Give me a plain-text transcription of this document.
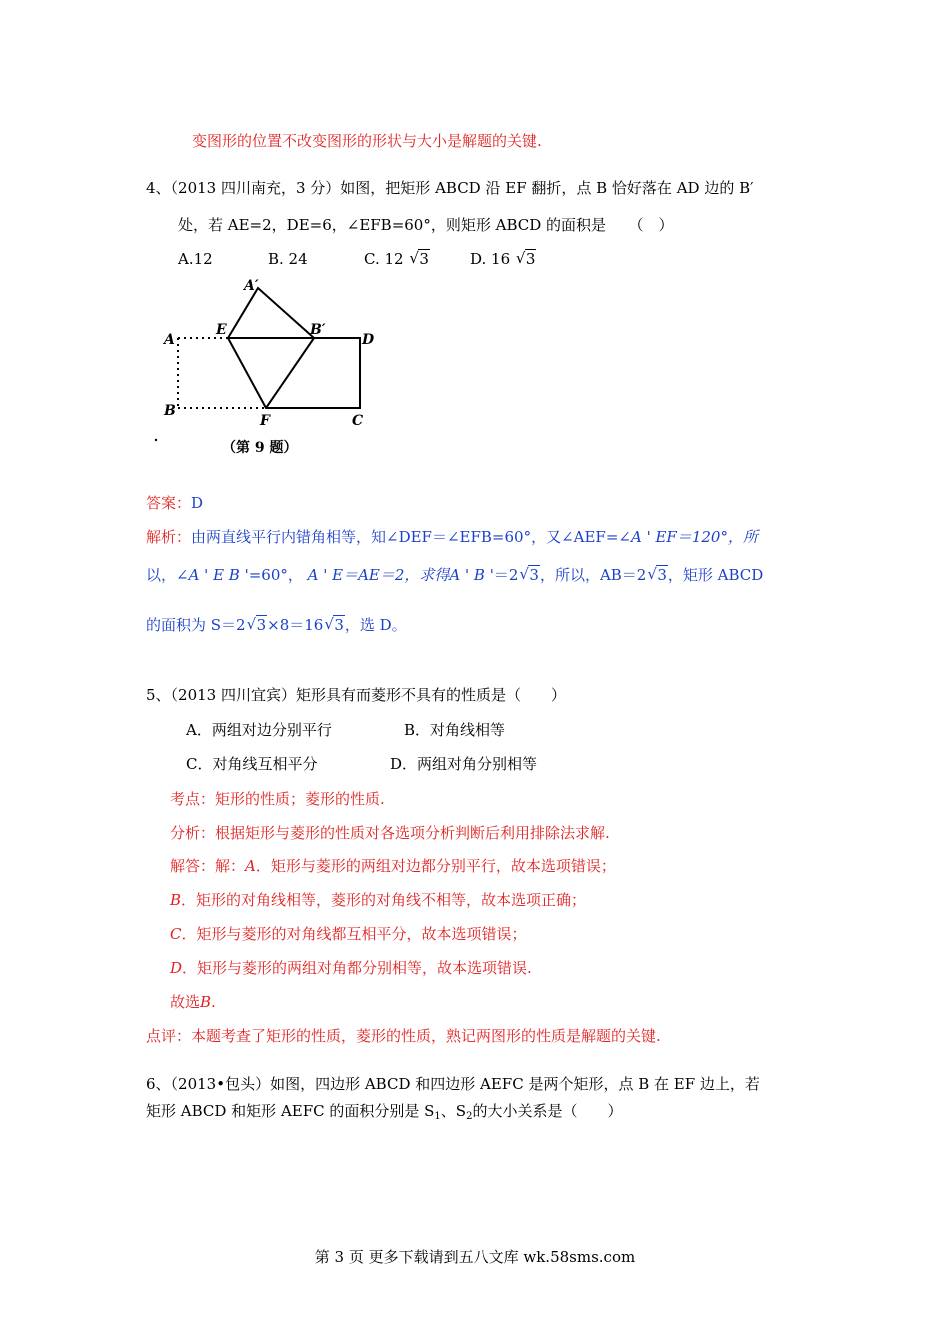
变图形的位置不改变图形的形状与大小是解题的关键.
4、（2013 四川南充，3 分）如图，把矩形 ABCD 沿 EF 翻折，点 B 恰好落在 AD 边的 B′
处，若 AE=2，DE=6，∠EFB=60°，则矩形 ABCD 的面积是　　（　）
A.12	B. 24	C. 12 √ 3	D. 16 √ 3
A′
A
E	B′
D
B
F	C
（第 9 题）
答案：D
解析：由两直线平行内错角相等，知∠DEF＝∠EFB=60°，又∠AEF=∠A ' EF＝120°，所
以，∠A ' E B '=60°， A ' E＝AE＝2，求得A ' B '＝2 √ 3，所以，AB＝2 √ 3，矩形 ABCD
的面积为 S＝2 √ 3×8＝16 √ 3，选 D。
5、（2013 四川宜宾）矩形具有而菱形不具有的性质是（　　）
A．两组对边分别平行	B．对角线相等
C．对角线互相平分	D．两组对角分别相等
考点：矩形的性质；菱形的性质.
分析：根据矩形与菱形的性质对各选项分析判断后利用排除法求解.
解答：解：A．矩形与菱形的两组对边都分别平行，故本选项错误；
B．矩形的对角线相等，菱形的对角线不相等，故本选项正确；
C．矩形与菱形的对角线都互相平分，故本选项错误；
D．矩形与菱形的两组对角都分别相等，故本选项错误.
故选B.
点评：本题考查了矩形的性质，菱形的性质，熟记两图形的性质是解题的关键.
6、（2013•包头）如图，四边形 ABCD 和四边形 AEFC 是两个矩形，点 B 在 EF 边上，若
矩形 ABCD 和矩形 AEFC 的面积分别是 $S_1$、$S_2$的大小关系是（　　）
第 3 页 更多下载请到五八文库 wk.58sms.com
